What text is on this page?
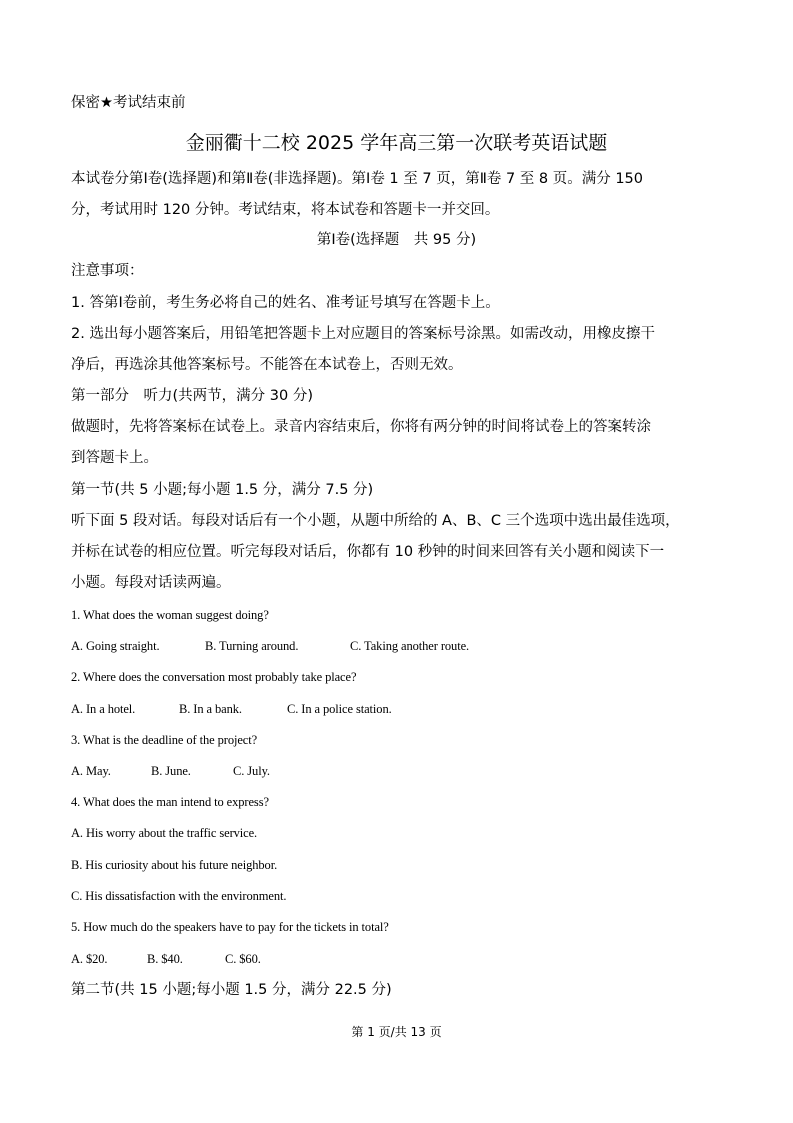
保密★考试结束前
金丽衢十二校 2025 学年高三第一次联考英语试题
本试卷分第Ⅰ卷(选择题)和第Ⅱ卷(非选择题)。第Ⅰ卷 1 至 7 页，第Ⅱ卷 7 至 8 页。满分 150
分，考试用时 120 分钟。考试结束，将本试卷和答题卡一并交回。
第Ⅰ卷(选择题　共 95 分)
注意事项：
1. 答第Ⅰ卷前，考生务必将自己的姓名、准考证号填写在答题卡上。
2. 选出每小题答案后，用铅笔把答题卡上对应题目的答案标号涂黑。如需改动，用橡皮擦干
净后，再选涂其他答案标号。不能答在本试卷上，否则无效。
第一部分　听力(共两节，满分 30 分)
做题时，先将答案标在试卷上。录音内容结束后，你将有两分钟的时间将试卷上的答案转涂
到答题卡上。
第一节(共 5 小题;每小题 1.5 分，满分 7.5 分)
听下面 5 段对话。每段对话后有一个小题，从题中所给的 A、B、C 三个选项中选出最佳选项，
并标在试卷的相应位置。听完每段对话后，你都有 10 秒钟的时间来回答有关小题和阅读下一
小题。每段对话读两遍。
1. What does the woman suggest doing?
A. Going straight.	B. Turning around.	C. Taking another route.
2. Where does the conversation most probably take place?
A. In a hotel.	B. In a bank.	C. In a police station.
3. What is the deadline of the project?
A. May.	B. June.	C. July.
4. What does the man intend to express?
A. His worry about the traffic service.
B. His curiosity about his future neighbor.
C. His dissatisfaction with the environment.
5. How much do the speakers have to pay for the tickets in total?
A. $20.	B. $40.	C. $60.
第二节(共 15 小题;每小题 1.5 分，满分 22.5 分)
第 1 页/共 13 页
